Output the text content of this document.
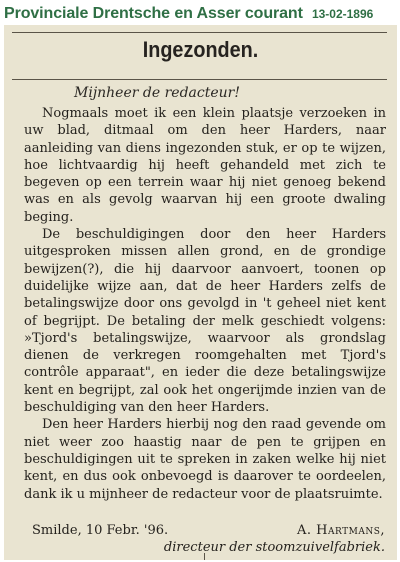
Provinciale Drentsche en Asser courant 13-02-1896
Ingezonden.
Mijnheer de redacteur!

Nogmaals moet ik een klein plaatsje verzoeken in uw blad, ditmaal om den heer Harders, naar aanleiding van diens ingezonden stuk, er op te wijzen, hoe lichtvaardig hij heeft gehandeld met zich te begeven op een terrein waar hij niet genoeg bekend was en als gevolg waarvan hij een groote dwaling beging.

De beschuldigingen door den heer Harders uitgesproken missen allen grond, en de grondige bewijzen(?), die hij daarvoor aanvoert, toonen op duidelijke wijze aan, dat de heer Harders zelfs de betalingswijze door ons gevolgd in 't geheel niet kent of begrijpt. De betaling der melk geschiedt volgens: »Tjord's betalingswijze, waarvoor als grondslag dienen de verkregen roomgehalten met Tjord's contrôle apparaat", en ieder die deze betalingswijze kent en begrijpt, zal ook het ongerijmde inzien van de beschuldiging van den heer Harders.

Den heer Harders hierbij nog den raad gevende om niet weer zoo haastig naar de pen te grijpen en beschuldigingen uit te spreken in zaken welke hij niet kent, en dus ook onbevoegd is daarover te oordeelen, dank ik u mijnheer de redacteur voor de plaatsruimte.

Smilde, 10 Febr. '96.	A. Hartmans,
directeur der stoomzuivelfabriek.
